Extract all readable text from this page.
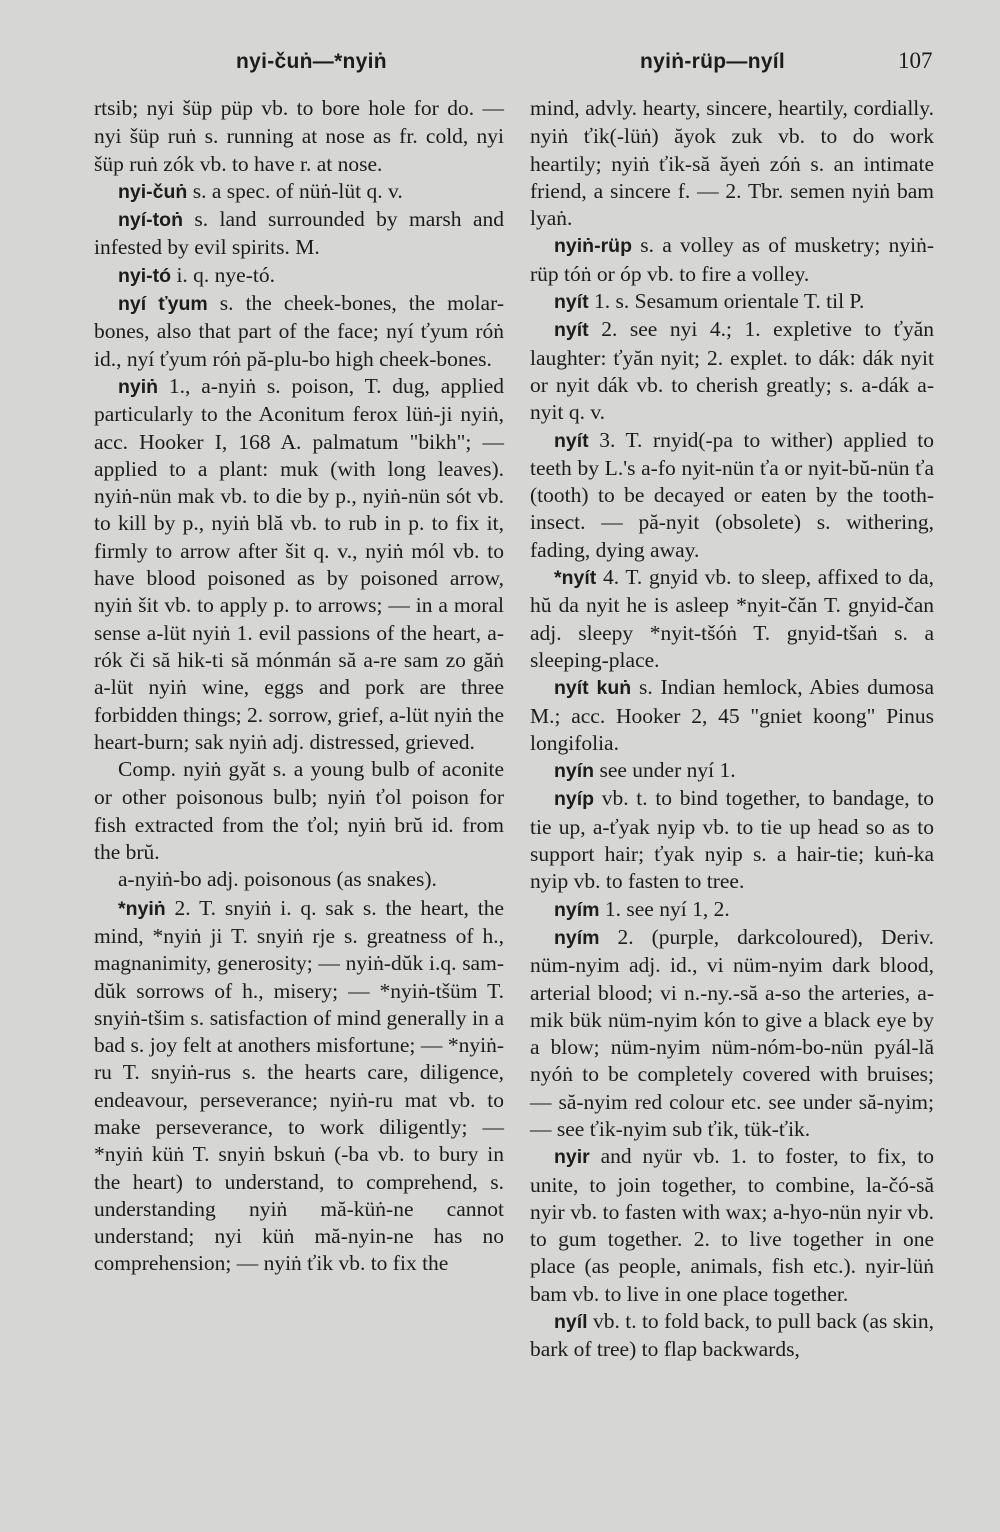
nyi-čuṅ—*nyiṅ	nyiṅ-rüp—nyíl	107

rtsib; nyi šüp püp vb. to bore hole for do. — nyi šüp ruṅ s. running at nose as fr. cold, nyi šüp ruṅ zók vb. to have r. at nose.

nyi-čuṅ s. a spec. of nüṅ-lüt q. v.

nyí-toṅ s. land surrounded by marsh and infested by evil spirits. M.

nyi-tó i. q. nye-tó.

nyí ťyum s. the cheek-bones, the molar-bones, also that part of the face; nyí ťyum róṅ id., nyí ťyum róṅ pă-plu-bo high cheek-bones.

nyiṅ 1., a-nyiṅ s. poison, T. dug, applied particularly to the Aconitum ferox lüṅ-ji nyiṅ, acc. Hooker I, 168 A. palmatum "bikh"; — applied to a plant: muk (with long leaves). nyiṅ-nün mak vb. to die by p., nyiṅ-nün sót vb. to kill by p., nyiṅ blă vb. to rub in p. to fix it, firmly to arrow after šit q. v., nyiṅ mól vb. to have blood poisoned as by poisoned arrow, nyiṅ šit vb. to apply p. to arrows; — in a moral sense a-lüt nyiṅ 1. evil passions of the heart, a-rók či să hik-ti să mónmán să a-re sam zo găṅ a-lüt nyiṅ wine, eggs and pork are three forbidden things; 2. sorrow, grief, a-lüt nyiṅ the heart-burn; sak nyiṅ adj. distressed, grieved.

Comp. nyiṅ gyăt s. a young bulb of aconite or other poisonous bulb; nyiṅ ťol poison for fish extracted from the ťol; nyiṅ brŭ id. from the brŭ.

a-nyiṅ-bo adj. poisonous (as snakes).

*nyiṅ 2. T. snyiṅ i. q. sak s. the heart, the mind, *nyiṅ ji T. snyiṅ rje s. greatness of h., magnanimity, generosity; — nyiṅ-dŭk i.q. sam-dŭk sorrows of h., misery; — *nyiṅ-tšüm T. snyiṅ-tšim s. satisfaction of mind generally in a bad s. joy felt at anothers misfortune; — *nyiṅ-ru T. snyiṅ-rus s. the hearts care, diligence, endeavour, perseverance; nyiṅ-ru mat vb. to make perseverance, to work diligently; — *nyiṅ küṅ T. snyiṅ bskuṅ (-ba vb. to bury in the heart) to understand, to comprehend, s. understanding nyiṅ mă-küṅ-ne cannot understand; nyi küṅ mă-nyin-ne has no comprehension; — nyiṅ ťik vb. to fix the

mind, advly. hearty, sincere, heartily, cordially. nyiṅ ťik(-lüṅ) ăyok zuk vb. to do work heartily; nyiṅ ťik-să ăyeṅ zóṅ s. an intimate friend, a sincere f. — 2. Tbr. semen nyiṅ bam lyaṅ.

nyiṅ-rüp s. a volley as of musketry; nyiṅ-rüp tóṅ or óp vb. to fire a volley.

nyít 1. s. Sesamum orientale T. til P.

nyít 2. see nyi 4.; 1. expletive to ťyăn laughter: ťyăn nyit; 2. explet. to dák: dák nyit or nyit dák vb. to cherish greatly; s. a-dák a-nyit q. v.

nyít 3. T. rnyid(-pa to wither) applied to teeth by L.'s a-fo nyit-nün ťa or nyit-bŭ-nün ťa (tooth) to be decayed or eaten by the tooth-insect. — pă-nyit (obsolete) s. withering, fading, dying away.

*nyít 4. T. gnyid vb. to sleep, affixed to da, hŭ da nyit he is asleep *nyit-čăn T. gnyid-čan adj. sleepy *nyit-tšóṅ T. gnyid-tšaṅ s. a sleeping-place.

nyít kuṅ s. Indian hemlock, Abies dumosa M.; acc. Hooker 2, 45 "gniet koong" Pinus longifolia.

nyín see under nyí 1.

nyíp vb. t. to bind together, to bandage, to tie up, a-ťyak nyip vb. to tie up head so as to support hair; ťyak nyip s. a hair-tie; kuṅ-ka nyip vb. to fasten to tree.

nyím 1. see nyí 1, 2.

nyím 2. (purple, darkcoloured), Deriv. nüm-nyim adj. id., vi nüm-nyim dark blood, arterial blood; vi n.-ny.-să a-so the arteries, a-mik bük nüm-nyim kón to give a black eye by a blow; nüm-nyim nüm-nóm-bo-nün pyál-lă nyóṅ to be completely covered with bruises; — să-nyim red colour etc. see under să-nyim; — see ťik-nyim sub ťik, tük-ťik.

nyir and nyür vb. 1. to foster, to fix, to unite, to join together, to combine, la-čó-să nyir vb. to fasten with wax; a-hyo-nün nyir vb. to gum together. 2. to live together in one place (as people, animals, fish etc.). nyir-lüṅ bam vb. to live in one place together.

nyíl vb. t. to fold back, to pull back (as skin, bark of tree) to flap backwards,
